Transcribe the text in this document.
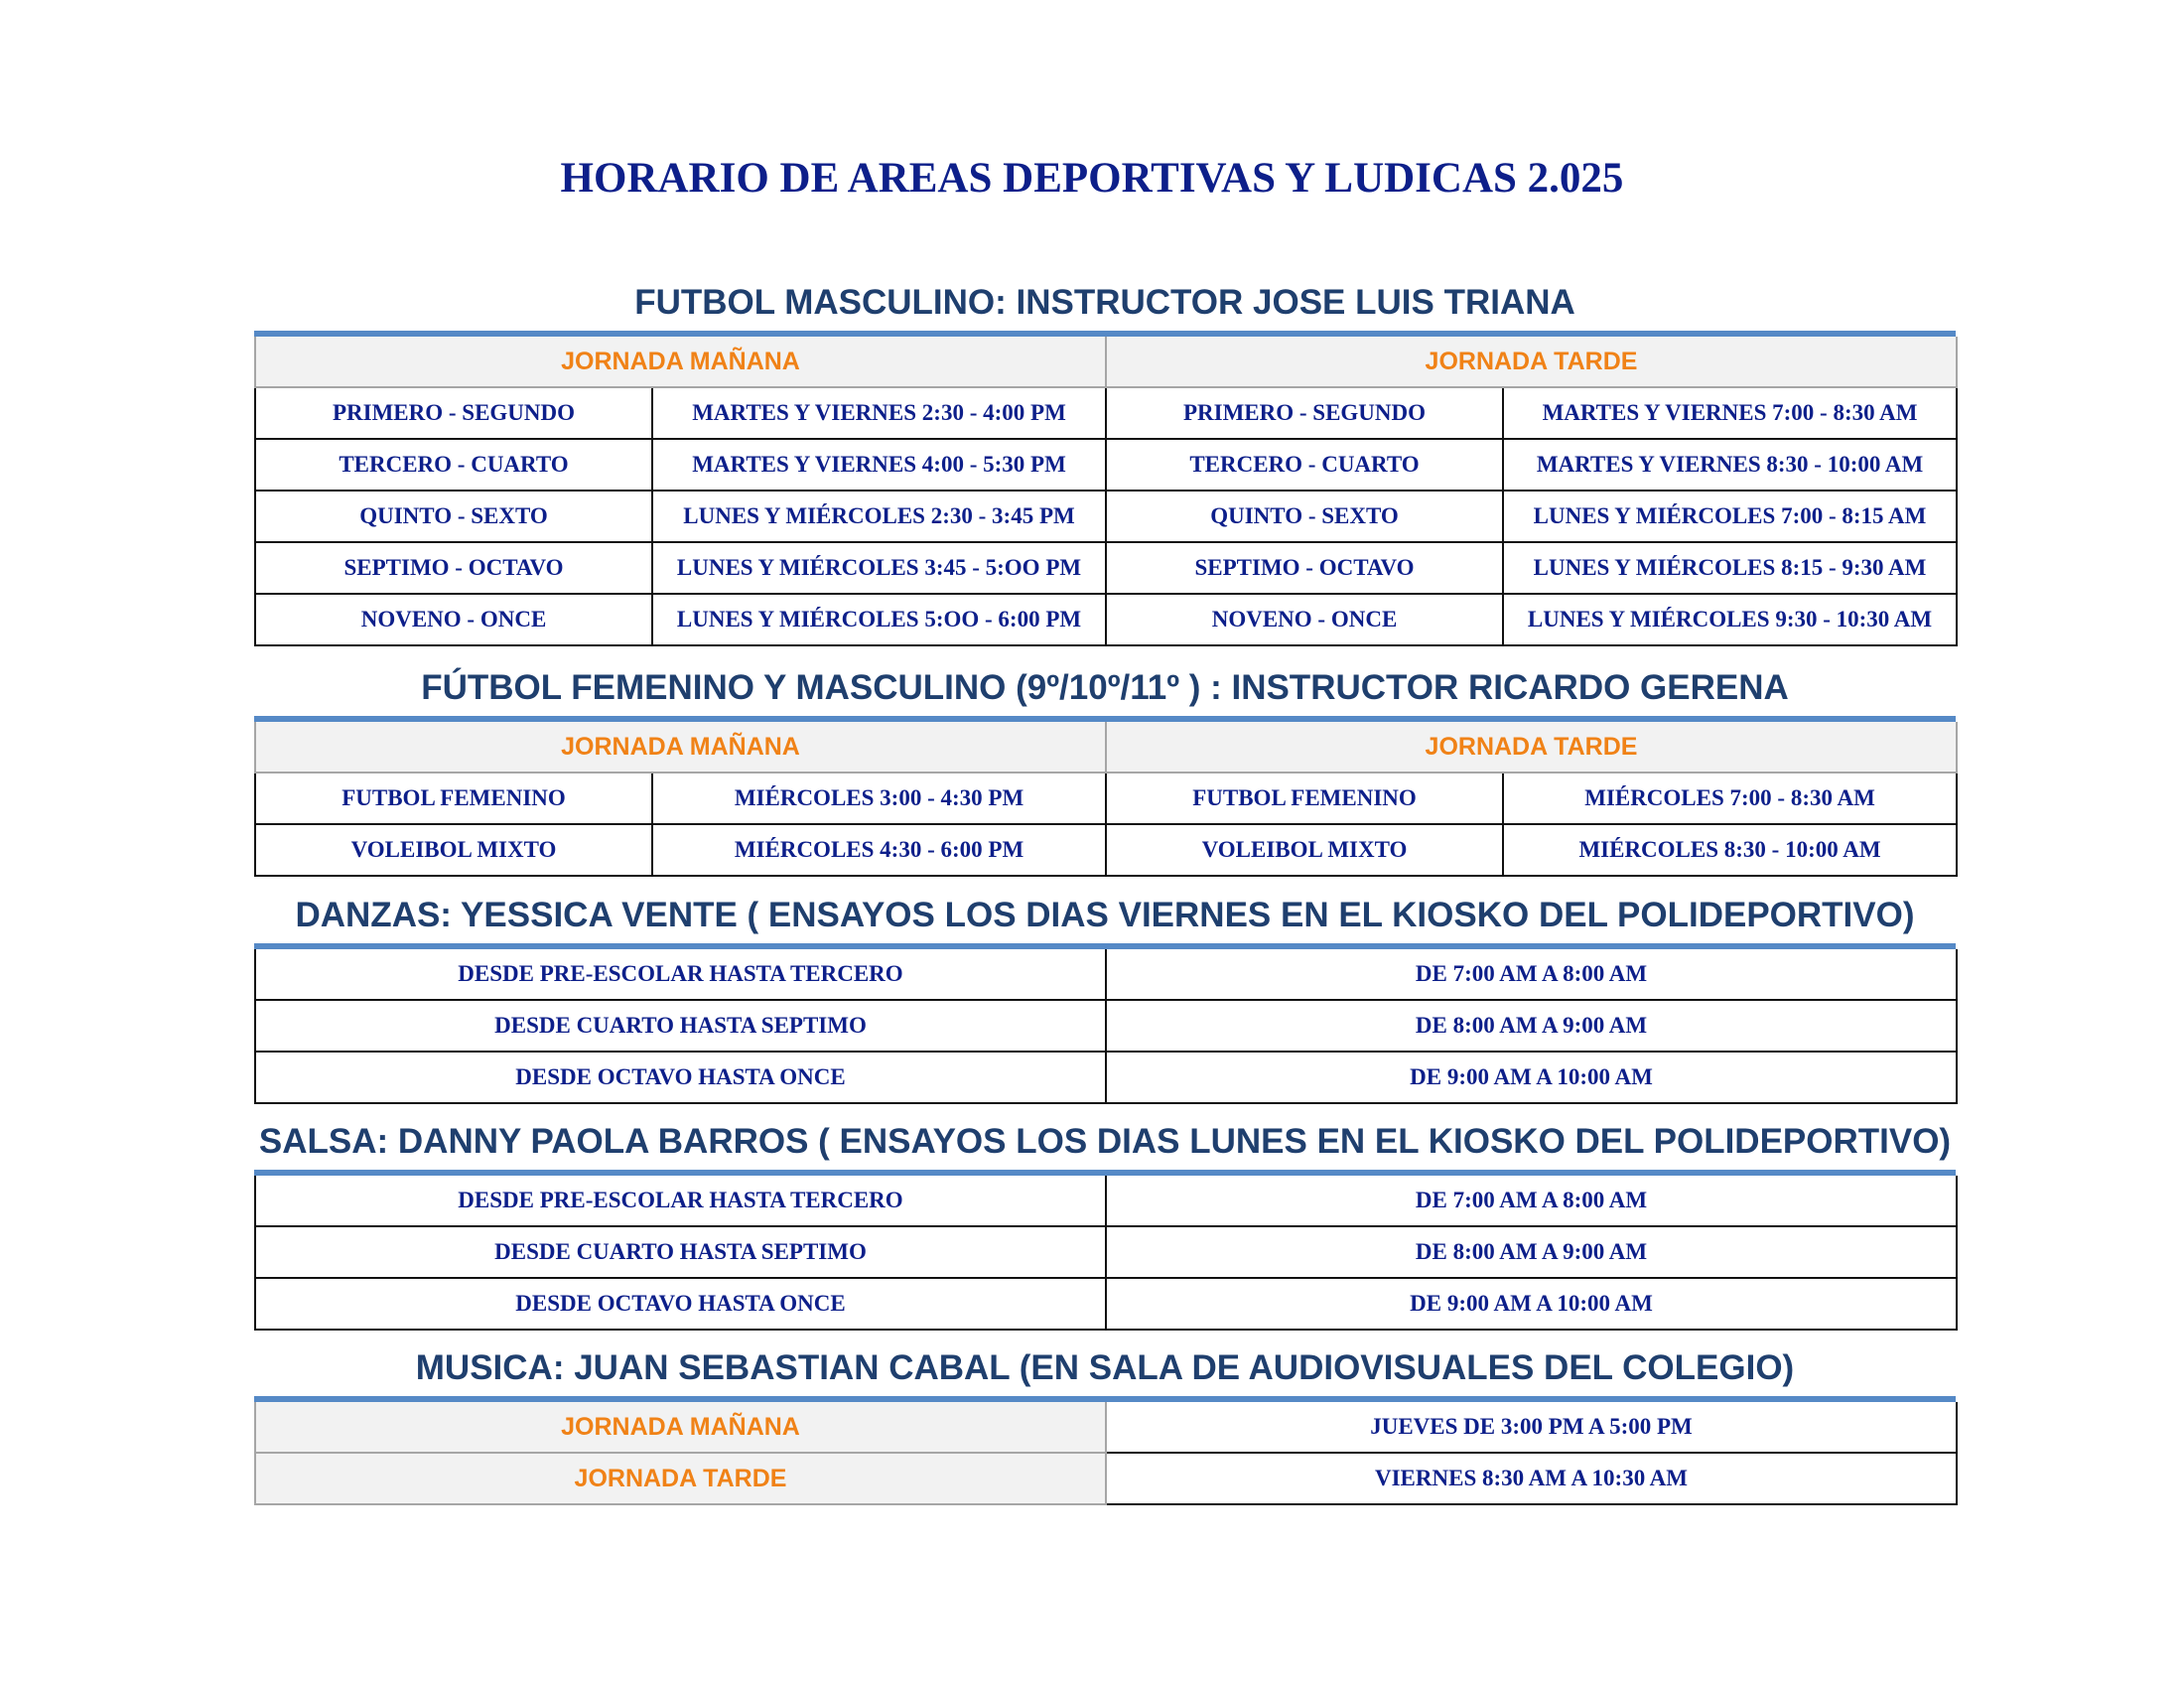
HORARIO DE AREAS DEPORTIVAS Y LUDICAS 2.025
FUTBOL MASCULINO: INSTRUCTOR JOSE LUIS TRIANA
JORNADA MAÑANA		JORNADA TARDE	
PRIMERO - SEGUNDO	MARTES Y VIERNES 2:30 - 4:00 PM	PRIMERO - SEGUNDO	MARTES Y VIERNES 7:00 - 8:30 AM
TERCERO - CUARTO	MARTES Y VIERNES 4:00 - 5:30 PM	TERCERO - CUARTO	MARTES Y VIERNES 8:30 - 10:00 AM
QUINTO - SEXTO	LUNES Y MIÉRCOLES 2:30 - 3:45 PM	QUINTO - SEXTO	LUNES Y MIÉRCOLES 7:00 - 8:15 AM
SEPTIMO - OCTAVO	LUNES Y MIÉRCOLES 3:45 - 5:OO PM	SEPTIMO - OCTAVO	LUNES Y MIÉRCOLES 8:15 - 9:30 AM
NOVENO - ONCE	LUNES Y MIÉRCOLES 5:OO - 6:00 PM	NOVENO - ONCE	LUNES Y MIÉRCOLES 9:30 - 10:30 AM
FÚTBOL FEMENINO Y MASCULINO (9º/10º/11º ) : INSTRUCTOR RICARDO GERENA
JORNADA MAÑANA		JORNADA TARDE	
FUTBOL FEMENINO	MIÉRCOLES 3:00 - 4:30 PM	FUTBOL FEMENINO	MIÉRCOLES 7:00 - 8:30 AM
VOLEIBOL MIXTO	MIÉRCOLES 4:30 - 6:00 PM	VOLEIBOL MIXTO	MIÉRCOLES 8:30 - 10:00 AM
DANZAS: YESSICA VENTE ( ENSAYOS LOS DIAS VIERNES EN EL KIOSKO DEL POLIDEPORTIVO)
DESDE PRE-ESCOLAR HASTA TERCERO	DE 7:00 AM A 8:00 AM
DESDE CUARTO HASTA SEPTIMO	DE 8:00 AM A 9:00 AM
DESDE OCTAVO HASTA ONCE	DE 9:00 AM A 10:00 AM
SALSA: DANNY PAOLA BARROS ( ENSAYOS LOS DIAS LUNES EN EL KIOSKO DEL POLIDEPORTIVO)
DESDE PRE-ESCOLAR HASTA TERCERO	DE 7:00 AM A 8:00 AM
DESDE CUARTO HASTA SEPTIMO	DE 8:00 AM A 9:00 AM
DESDE OCTAVO HASTA ONCE	DE 9:00 AM A 10:00 AM
MUSICA: JUAN SEBASTIAN CABAL (EN SALA DE AUDIOVISUALES DEL COLEGIO)
JORNADA MAÑANA	JUEVES DE 3:00 PM A 5:00 PM
JORNADA TARDE	VIERNES 8:30 AM A 10:30 AM
